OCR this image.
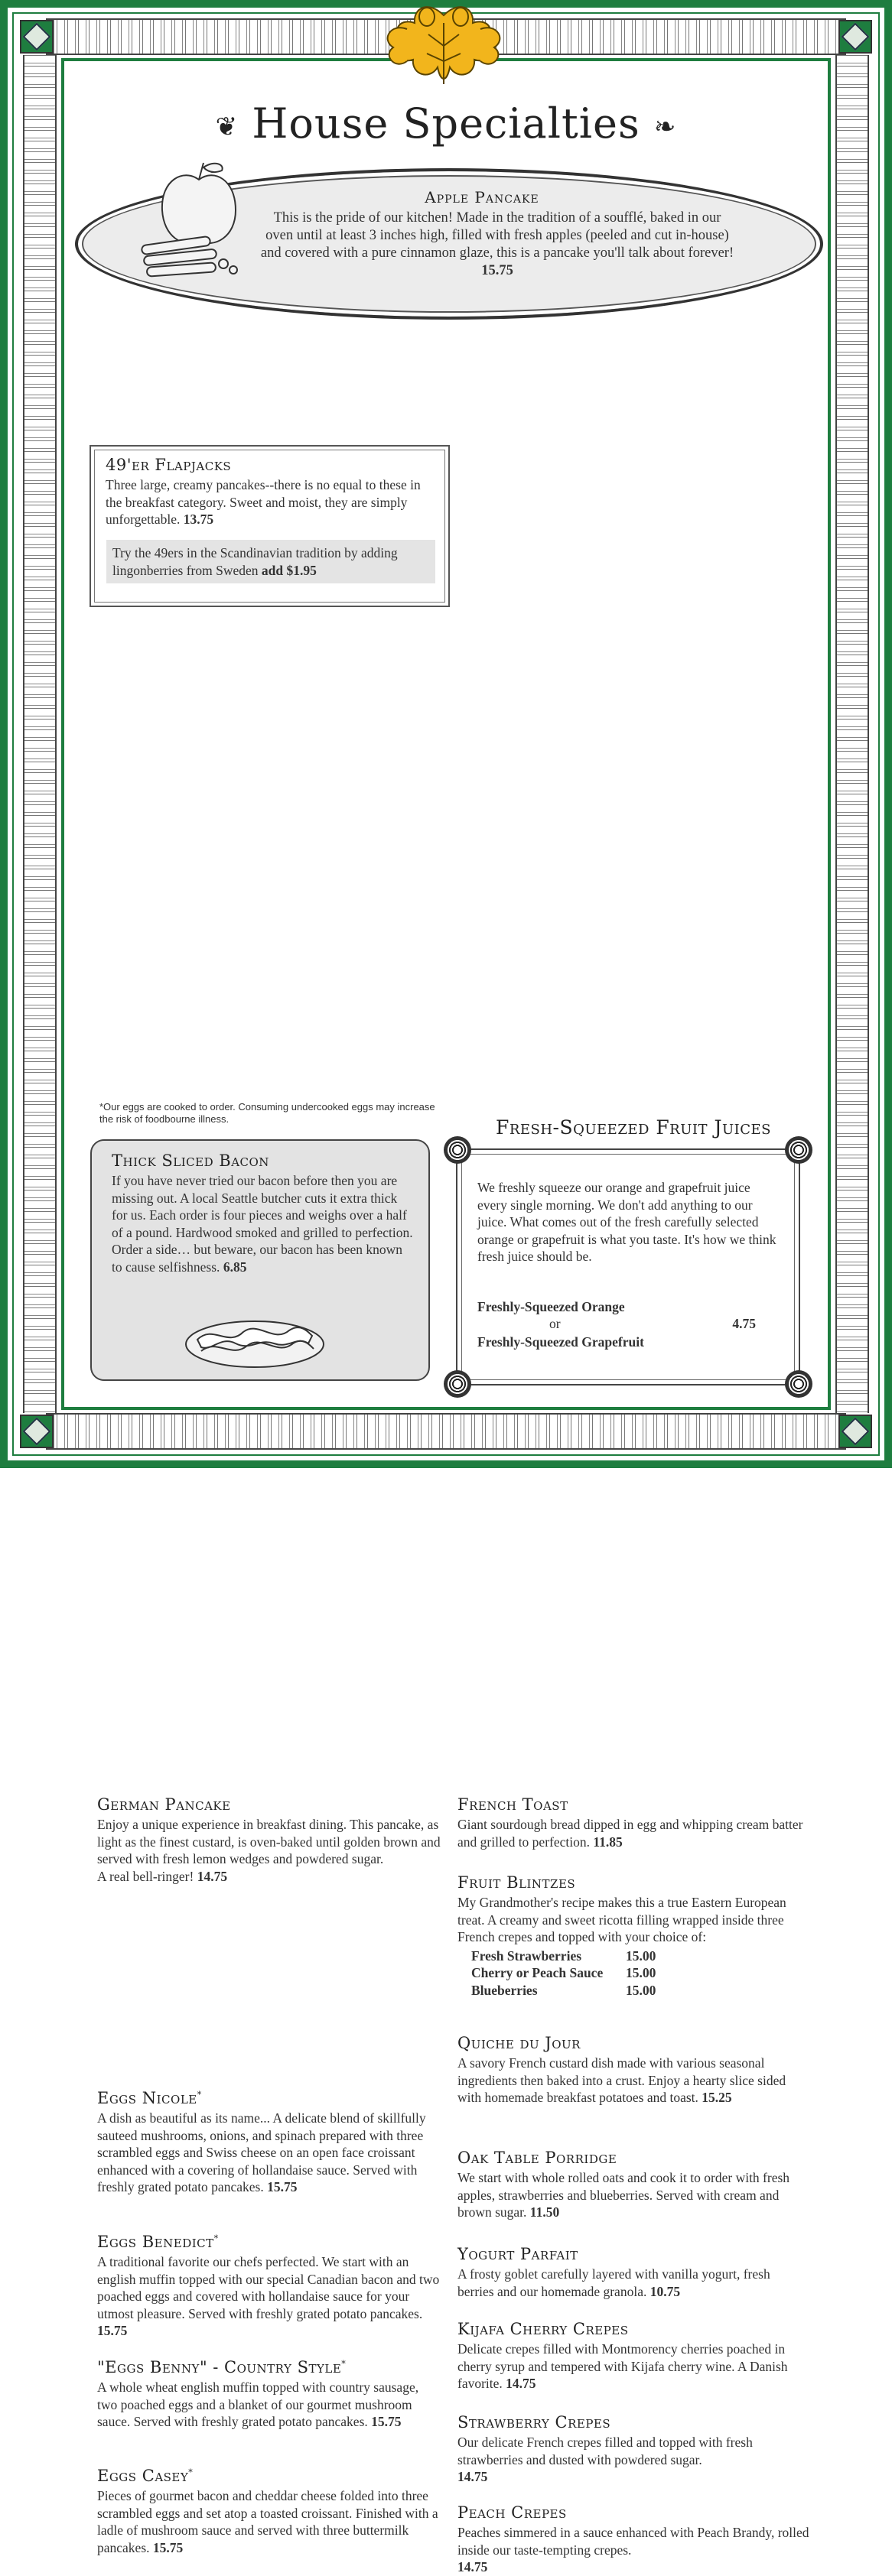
❦ House Specialties ❧
Apple Pancake
This is the pride of our kitchen! Made in the tradition of a soufflé, baked in our oven until at least 3 inches high, filled with fresh apples (peeled and cut in-house) and covered with a pure cinnamon glaze, this is a pancake you'll talk about forever! 15.75
German Pancake

Enjoy a unique experience in breakfast dining. This pancake, as light as the finest custard, is oven-baked until golden brown and served with fresh lemon wedges and powdered sugar.
A real bell-ringer! 14.75

Eggs Nicole*

A dish as beautiful as its name... A delicate blend of skillfully sauteed mushrooms, onions, and spinach prepared with three scrambled eggs and Swiss cheese on an open face croissant enhanced with a covering of hollandaise sauce. Served with freshly grated potato pancakes. 15.75

Eggs Benedict*

A traditional favorite our chefs perfected. We start with an english muffin topped with our special Canadian bacon and two poached eggs and covered with hollandaise sauce for your utmost pleasure. Served with freshly grated potato pancakes. 15.75

"Eggs Benny" - Country Style*

A whole wheat english muffin topped with country sausage, two poached eggs and a blanket of our gourmet mushroom sauce. Served with freshly grated potato pancakes. 15.75

Eggs Casey*

Pieces of gourmet bacon and cheddar cheese folded into three scrambled eggs and set atop a toasted croissant. Finished with a ladle of mushroom sauce and served with three buttermilk pancakes. 15.75

49'er Flapjacks

Three large, creamy pancakes--there is no equal to these in the breakfast category. Sweet and moist, they are simply unforgettable. 13.75

Try the 49ers in the Scandinavian tradition by adding lingonberries from Sweden add $1.95
*Our eggs are cooked to order. Consuming undercooked eggs may increase the risk of foodbourne illness.
Thick Sliced Bacon

If you have never tried our bacon before then you are missing out. A local Seattle butcher cuts it extra thick for us. Each order is four pieces and weighs over a half of a pound. Hardwood smoked and grilled to perfection. Order a side… but beware, our bacon has been known to cause selfishness. 6.85

French Toast

Giant sourdough bread dipped in egg and whipping cream batter and grilled to perfection. 11.85

Fruit Blintzes

My Grandmother's recipe makes this a true Eastern European treat. A creamy and sweet ricotta filling wrapped inside three French crepes and topped with your choice of:

Fresh Strawberries	15.00
Cherry or Peach Sauce	15.00
Blueberries	15.00
Quiche du Jour

A savory French custard dish made with various seasonal ingredients then baked into a crust. Enjoy a hearty slice sided with homemade breakfast potatoes and toast. 15.25

Oak Table Porridge

We start with whole rolled oats and cook it to order with fresh apples, strawberries and blueberries. Served with cream and brown sugar. 11.50

Yogurt Parfait

A frosty goblet carefully layered with vanilla yogurt, fresh berries and our homemade granola. 10.75

Kijafa Cherry Crepes

Delicate crepes filled with Montmorency cherries poached in cherry syrup and tempered with Kijafa cherry wine. A Danish favorite. 14.75

Strawberry Crepes

Our delicate French crepes filled and topped with fresh strawberries and dusted with powdered sugar.
14.75

Peach Crepes

Peaches simmered in a sauce enhanced with Peach Brandy, rolled inside our taste-tempting crepes.
14.75

Fresh-Squeezed Fruit Juices
We freshly squeeze our orange and grapefruit juice every single morning. We don't add anything to our juice. What comes out of the fresh carefully selected orange or grapefruit is what you taste. It's how we think fresh juice should be.
Freshly-Squeezed Orange
or
Freshly-Squeezed Grapefruit
4.75
